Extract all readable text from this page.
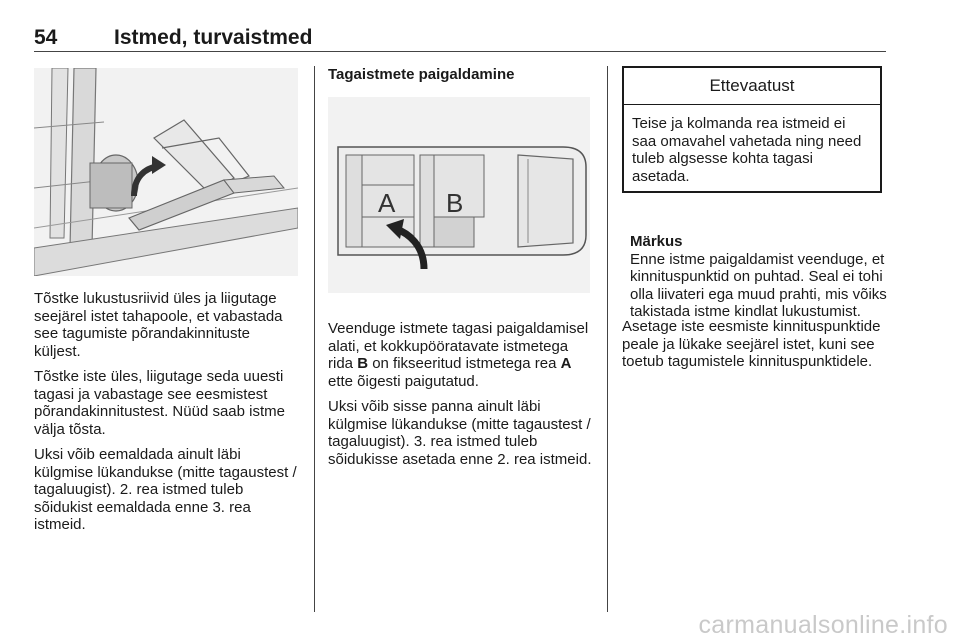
54	Istmed, turvaistmed

Tõstke lukustusriivid üles ja liigutage seejärel istet tahapoole, et vabastada see tagumiste põrandakinnituste küljest.

Tõstke iste üles, liigutage seda uuesti tagasi ja vabastage see eesmistest põrandakinnitustest. Nüüd saab istme välja tõsta.

Uksi võib eemaldada ainult läbi külgmise lükandukse (mitte tagaustest / tagaluugist). 2. rea istmed tuleb sõidukist eemaldada enne 3. rea istmeid.

Tagaistmete paigaldamine
A B

Veenduge istmete tagasi paigaldamisel alati, et kokkupööratavate istmetega rida B on fikseeritud istmetega rea A ette õigesti paigutatud.

Uksi võib sisse panna ainult läbi külgmise lükandukse (mitte tagaustest / tagaluugist). 3. rea istmed tuleb sõidukisse asetada enne 2. rea istmeid.

Ettevaatust
Teise ja kolmanda rea istmeid ei saa omavahel vahetada ning need tuleb algsesse kohta tagasi asetada.
Märkus
Enne istme paigaldamist veenduge, et kinnituspunktid on puhtad. Seal ei tohi olla liivateri ega muud prahti, mis võiks takistada istme kindlat lukustumist.
Asetage iste eesmiste kinnituspunktide peale ja lükake seejärel istet, kuni see toetub tagumistele kinnituspunktidele.
carmanualsonline.info
